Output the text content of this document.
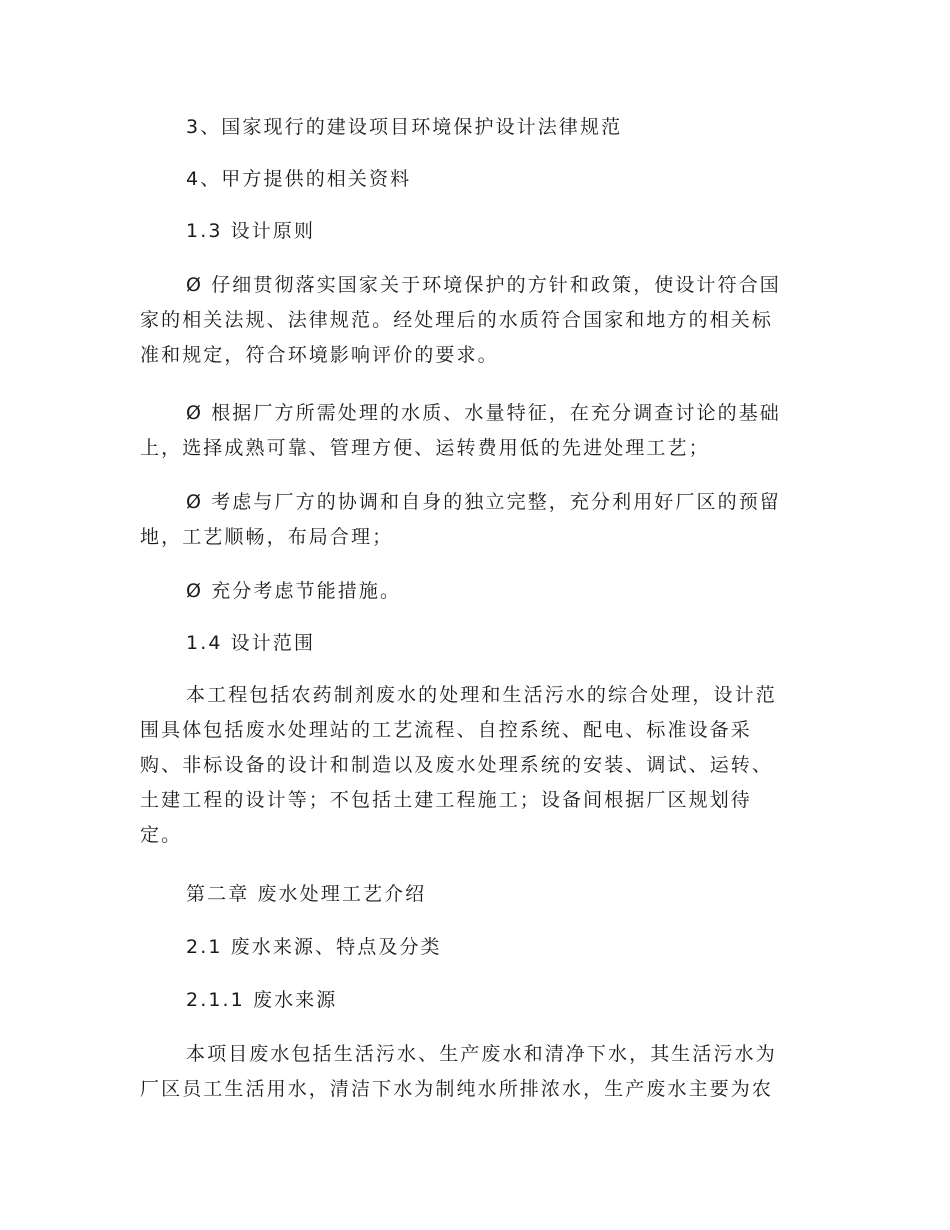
3、国家现行的建设项目环境保护设计法律规范
4、甲方提供的相关资料
1.3 设计原则
Ø 仔细贯彻落实国家关于环境保护的方针和政策，使设计符合国
家的相关法规、法律规范。经处理后的水质符合国家和地方的相关标
准和规定，符合环境影响评价的要求。
Ø 根据厂方所需处理的水质、水量特征，在充分调查讨论的基础
上，选择成熟可靠、管理方便、运转费用低的先进处理工艺；
Ø 考虑与厂方的协调和自身的独立完整，充分利用好厂区的预留
地，工艺顺畅，布局合理；
Ø 充分考虑节能措施。
1.4 设计范围
本工程包括农药制剂废水的处理和生活污水的综合处理，设计范
围具体包括废水处理站的工艺流程、自控系统、配电、标准设备采
购、非标设备的设计和制造以及废水处理系统的安装、调试、运转、
土建工程的设计等；不包括土建工程施工；设备间根据厂区规划待
定。
第二章 废水处理工艺介绍
2.1 废水来源、特点及分类
2.1.1 废水来源
本项目废水包括生活污水、生产废水和清净下水，其生活污水为
厂区员工生活用水，清洁下水为制纯水所排浓水，生产废水主要为农
